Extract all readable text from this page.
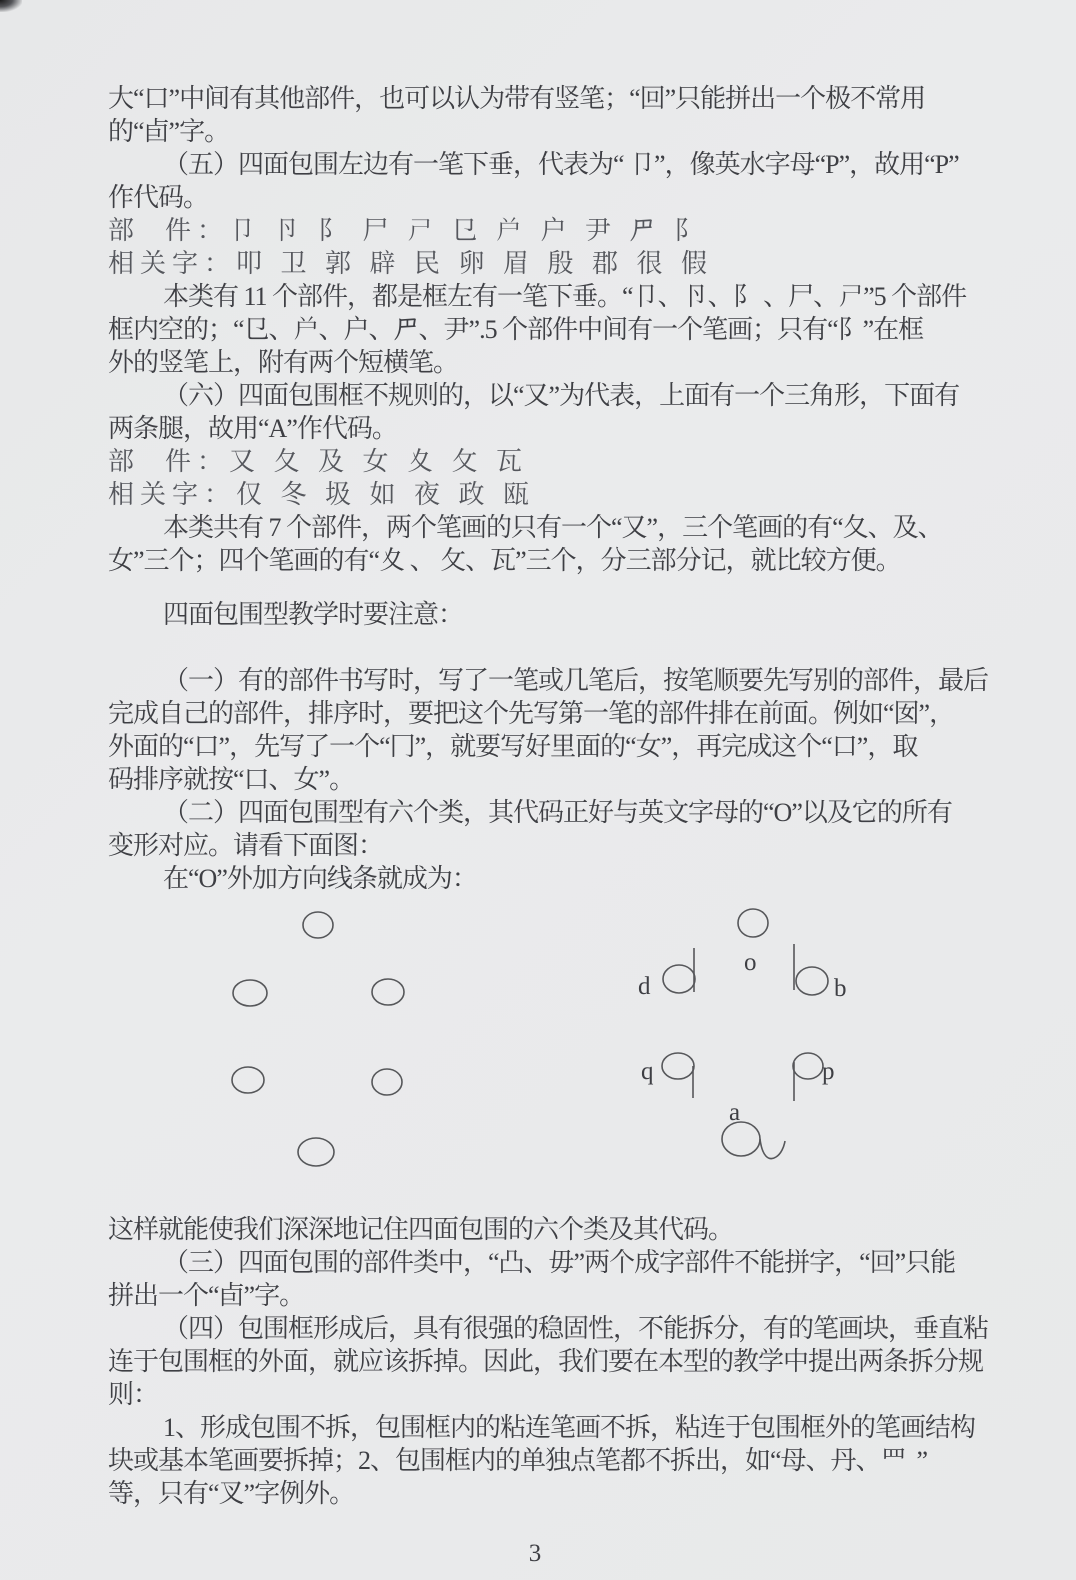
大“口”中间有其他部件，也可以认为带有竖笔；“回”只能拼出一个极不常用
的“卣”字。
（五）四面包围左边有一笔下垂，代表为“ 卩”，像英水字母“P”，故用“P”
作代码。
部  件：卩 卪 阝 尸 𡰣 㔾 𡰤 户 尹 𠃜 阝
相关字：叩 卫 郭 辟 民 卵 眉 殷 郡 很 假
本类有 11 个部件，都是框左有一笔下垂。“卩、卪、阝 、尸、𡰣”5 个部件
框内空的；“㔾、𡰤、户、𠃜、尹”.5 个部件中间有一个笔画；只有“阝”在框
外的竖笔上，附有两个短横笔。
（六）四面包围框不规则的，以“又”为代表，上面有一个三角形，下面有
两条腿，故用“A”作代码。
部  件：又 夂 及 女 夊 攵 瓦
相关字：仅 冬 圾 如 夜 政 瓯
本类共有 7 个部件，两个笔画的只有一个“又”，三个笔画的有“夂、及、
女”三个；四个笔画的有“夊 、 攵、瓦”三个，分三部分记，就比较方便。
四面包围型教学时要注意：
（一）有的部件书写时，写了一笔或几笔后，按笔顺要先写别的部件，最后
完成自己的部件，排序时，要把这个先写第一笔的部件排在前面。例如“囡”，
外面的“口”，先写了一个“冂”，就要写好里面的“女”，再完成这个“口”，取
码排序就按“口、女”。
（二）四面包围型有六个类，其代码正好与英文字母的“O”以及它的所有
变形对应。请看下面图：
在“O”外加方向线条就成为：
o
d	b
q	p
a
这样就能使我们深深地记住四面包围的六个类及其代码。
（三）四面包围的部件类中，“凸、毋”两个成字部件不能拼字，“回”只能
拼出一个“卣”字。
（四）包围框形成后，具有很强的稳固性，不能拆分，有的笔画块，垂直粘
连于包围框的外面，就应该拆掉。因此，我们要在本型的教学中提出两条拆分规
则：
1、形成包围不拆，包围框内的粘连笔画不拆，粘连于包围框外的笔画结构
块或基本笔画要拆掉；2、包围框内的单独点笔都不拆出，如“母、丹、罒  ”
等，只有“叉”字例外。
3
